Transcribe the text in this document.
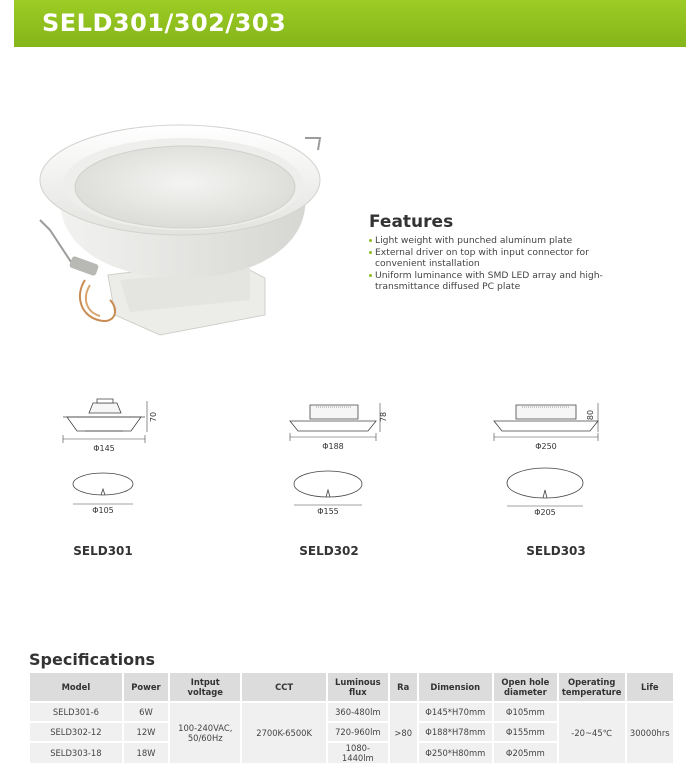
SELD301/302/303
Features
Light weight with punched aluminum plate
External driver on top with input connector for convenient installation
Uniform luminance with SMD LED array and high-transmittance diffused PC plate
Φ145
70
Φ105
SELD301
Φ188
78
Φ155
SELD302
Φ250
80
Φ205
SELD303
Specifications
Model	Power	Intput voltage	CCT	Luminous flux	Ra	Dimension	Open hole diameter	Operating temperature	Life
SELD301-6	6W	100-240VAC, 50/60Hz	2700K-6500K	360-480lm	>80	Φ145*H70mm	Φ105mm	-20~45℃	30000hrs
SELD302-12	12W			720-960lm		Φ188*H78mm	Φ155mm		
SELD303-18	18W			1080-1440lm		Φ250*H80mm	Φ205mm		
